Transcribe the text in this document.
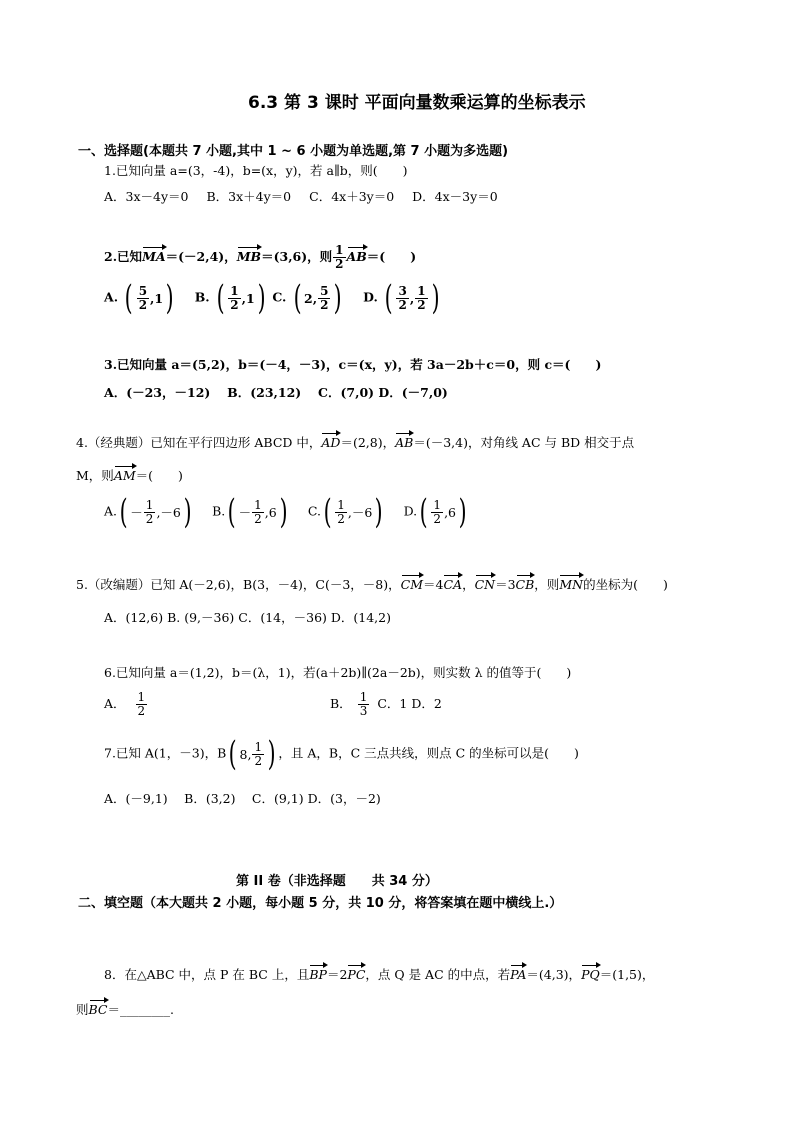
6.3 第 3 课时 平面向量数乘运算的坐标表示
一、选择题(本题共 7 小题,其中 1 ~ 6 小题为单选题,第 7 小题为多选题)
1.已知向量 a=(3，-4)，b=(x，y)，若 a∥b，则(　　)
A．3x－4y＝0 B．3x＋4y＝0 C．4x＋3y＝0 D．4x－3y＝0
2.已知MA＝(－2,4)，MB＝(3,6)，则 $\frac{1}{2} AB=$(　　)
A. ( $\frac{5}{2}$ , 1 ) B. ( $\frac{1}{2}$ , 1 ) C. ( 2 , $\frac{5}{2}$ ) D. ( $\frac{3}{2}$ , $\frac{1}{2}$ )
3.已知向量 a＝(5,2)，b＝(－4，－3)，c＝(x，y)，若 3a－2b＋c＝0，则 c＝(　　)
A．(－23，－12)　 B．(23,12)　 C．(7,0) D．(－7,0)
4.（经典题）已知在平行四边形 ABCD 中，AD＝(2,8)，AB＝(－3,4)，对角线 AC 与 BD 相交于点
M，则AM＝(　　)
A. ( － $\frac{1}{2}$ , －6 ) B. ( － $\frac{1}{2}$ , 6 ) C. ( $\frac{1}{2}$ , －6 ) D. ( $\frac{1}{2}$ , 6 )
5.（改编题）已知 A(－2,6)，B(3，－4)，C(－3，－8)，CM＝4CA，CN＝3CB，则MN的坐标为(　　)
A．(12,6) B. (9,－36) C．(14，－36) D．(14,2)
6.已知向量 a＝(1,2)，b＝(λ，1)，若(a＋2b)∥(2a－2b)，则实数 λ 的值等于(　　)
A． $\frac{1}{2}$	B． $\frac{1}{3}$ C．1 D．2
7.已知 A(1，－3)，B ( 8 , $\frac{1}{2}$ ) ，且 A，B，C 三点共线，则点 C 的坐标可以是(　　)
A．(－9,1)　 B．(3,2)　 C．(9,1) D．(3，－2)
第 II 卷（非选择题　　共 34 分）
二、填空题（本大题共 2 小题，每小题 5 分，共 10 分，将答案填在题中横线上.）
8．在△ABC 中，点 P 在 BC 上，且BP＝2PC，点 Q 是 AC 的中点，若PA＝(4,3)，PQ＝(1,5)，
则BC＝________.
